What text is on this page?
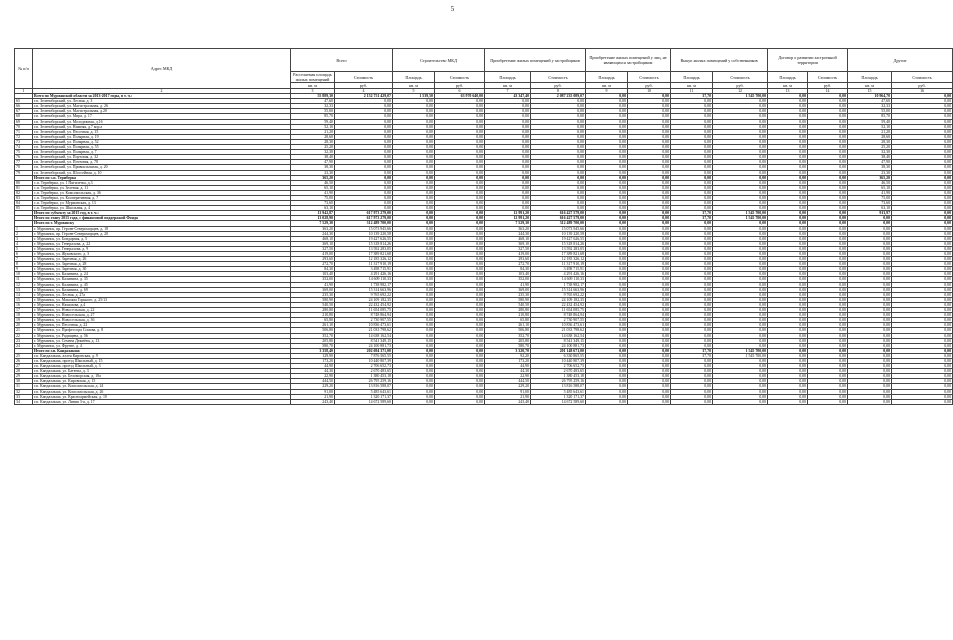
5
№ п/п	Адрес МКД	Всего		Строительство МКД		Приобретение жилых помещений у застройщиков		Приобретение жилых помещений у лиц, не являющихся застройщиком		Выкуп жилых помещений у собственников		Договор о развитии застроенной территории		Другие	
		Расселяемая площадь жилых помещений	Стоимость	Площадь	Стоимость	Площадь	Стоимость	Площадь	Стоимость	Площадь	Стоимость	Площадь	Стоимость	Площадь	Стоимость
		кв. м	руб.	кв. м	руб.	кв. м	руб.	кв. м	руб.	кв. м	руб.	кв. м	руб.	кв. м	руб.
1	2	3	4	5	6	7	8	9	10	11	12	13	14	15	16
	Всего по Мурманской области за 2013-2017 годы, в т. ч.:	55 889,30	2 152 751 429,07	1 539,50	63 970 640,00	43 347,40	2 087 235 089,07	0,00	0,00	37,70	1 545 700,00	0,00	0,00	10 964,70	0,00
65	г.п. Зеленоборский, ул. Лесная, д. 3	47,60	0,00	0,00	0,00	0,00	0,00	0,00	0,00	0,00	0,00	0,00	0,00	47,60	0,00
66	г.п. Зеленоборский, ул. Магистральная, д. 26	32,33	0,00	0,00	0,00	0,00	0,00	0,00	0,00	0,00	0,00	0,00	0,00	32,33	0,00
67	г.п. Зеленоборский, ул. Магистральная, д.20	55,00	0,00	0,00	0,00	0,00	0,00	0,00	0,00	0,00	0,00	0,00	0,00	55,00	0,00
68	г.п. Зеленоборский, ул. Мира, д. 17	85,70	0,00	0,00	0,00	0,00	0,00	0,00	0,00	0,00	0,00	0,00	0,00	85,70	0,00
69	г.п. Зеленоборский, ул. Молодежная, д.16	59,40	0,00	0,00	0,00	0,00	0,00	0,00	0,00	0,00	0,00	0,00	0,00	59,40	0,00
70	г.п. Зеленоборский, ул. Нижняя, д.7 кор.а	52,10	0,00	0,00	0,00	0,00	0,00	0,00	0,00	0,00	0,00	0,00	0,00	52,10	0,00
71	г.п. Зеленоборский, ул. Песочная, д. 15	21,20	0,00	0,00	0,00	0,00	0,00	0,00	0,00	0,00	0,00	0,00	0,00	21,20	0,00
72	г.п. Зеленоборский, ул. Полярная, д. 19	28,60	0,00	0,00	0,00	0,00	0,00	0,00	0,00	0,00	0,00	0,00	0,00	28,60	0,00
73	г.п. Зеленоборский, ул. Полярная, д. 52	28,30	0,00	0,00	0,00	0,00	0,00	0,00	0,00	0,00	0,00	0,00	0,00	28,30	0,00
74	г.п. Зеленоборский, ул. Полярная, д. 55	25,20	0,00	0,00	0,00	0,00	0,00	0,00	0,00	0,00	0,00	0,00	0,00	25,20	0,00
75	г.п. Зеленоборский, ул. Полярная, д. 7	32,30	0,00	0,00	0,00	0,00	0,00	0,00	0,00	0,00	0,00	0,00	0,00	32,30	0,00
76	г.п. Зеленоборский, ул. Портовая, д. 32	38,40	0,00	0,00	0,00	0,00	0,00	0,00	0,00	0,00	0,00	0,00	0,00	38,40	0,00
77	г.п. Зеленоборский, ул. Почтовая, д. 78	47,90	0,00	0,00	0,00	0,00	0,00	0,00	0,00	0,00	0,00	0,00	0,00	47,90	0,00
78	г.п. Зеленоборский, ул. Привокзальная, д. 20	38,30	0,00	0,00	0,00	0,00	0,00	0,00	0,00	0,00	0,00	0,00	0,00	38,30	0,00
79	г.п. Зеленоборский, ул. Шоссейная, д. 10	23,30	0,00	0,00	0,00	0,00	0,00	0,00	0,00	0,00	0,00	0,00	0,00	23,30	0,00
	Итого по с.п. Териберка	365,20	0,00	0,00	0,00	0,00	0,00	0,00	0,00	0,00	0,00	0,00	0,00	365,20	0,00
80	с.п. Териберка, ул. 1 Пятилетка, д.3	46,50	0,00	0,00	0,00	0,00	0,00	0,00	0,00	0,00	0,00	0,00	0,00	46,50	0,00
81	с.п. Териберка, ул. Зеленая, д. 11	65,10	0,00	0,00	0,00	0,00	0,00	0,00	0,00	0,00	0,00	0,00	0,00	65,10	0,00
82	с.п. Териберка, ул. Комсомольская, д. 36	41,90	0,00	0,00	0,00	0,00	0,00	0,00	0,00	0,00	0,00	0,00	0,00	41,90	0,00
83	с.п. Териберка, ул. Кооперативная, д. 7	75,00	0,00	0,00	0,00	0,00	0,00	0,00	0,00	0,00	0,00	0,00	0,00	75,00	0,00
84	с.п. Териберка, ул. Мурманская, д. 13	73,60	0,00	0,00	0,00	0,00	0,00	0,00	0,00	0,00	0,00	0,00	0,00	73,60	0,00
85	с.п. Териберка, ул. Школьная, д. 4	63,10	0,00	0,00	0,00	0,00	0,00	0,00	0,00	0,00	0,00	0,00	0,00	63,10	0,00
	Итого по субъекту за 2015 год, в т. ч.:	13 942,87	617 973 279,00	0,00	0,00	12 991,20	616 427 579,00	0,00	0,00	37,70	1 545 700,00	0,00	0,00	913,97	0,00
	Итого по этапу 2015 года, с финансовой поддержкой Фонда	13 028,90	617 973 279,00	0,00	0,00	12 991,20	616 427 579,00	0,00	0,00	37,70	1 545 700,00	0,00	0,00	0,00	0,00
	Итого по г. Мурманску	7 529,30	312 489 700,00	0,00	0,00	7 529,30	312 489 700,00	0,00	0,00	0,00	0,00	0,00	0,00	0,00	0,00
1	г. Мурманск, пр. Героев-Североморцев, д. 18	363,20	15 073 945,66	0,00	0,00	363,20	15 073 945,66	0,00	0,00	0,00	0,00	0,00	0,00	0,00	0,00
2	г. Мурманск, пр. Героев-Североморцев, д. 20	244,30	10 139 220,58	0,00	0,00	244,30	10 139 220,58	0,00	0,00	0,00	0,00	0,00	0,00	0,00	0,00
3	г. Мурманск, ул. Бондарная, д. 5	468,10	19 427 626,55	0,00	0,00	468,10	19 427 626,55	0,00	0,00	0,00	0,00	0,00	0,00	0,00	0,00
4	г. Мурманск, ул. Генераловa, д. 22	369,10	15 318 814,26	0,00	0,00	369,10	15 318 814,26	0,00	0,00	0,00	0,00	0,00	0,00	0,00	0,00
5	г. Мурманск, ул. Генералова, д. 9	327,50	13 592 283,05	0,00	0,00	327,50	13 592 283,05	0,00	0,00	0,00	0,00	0,00	0,00	0,00	0,00
6	г. Мурманск, ул. Жуковского, д. 3	419,00	17 389 821,68	0,00	0,00	419,00	17 389 821,68	0,00	0,00	0,00	0,00	0,00	0,00	0,00	0,00
7	г. Мурманск, ул. Заречная, д. 26	293,60	12 185 326,12	0,00	0,00	293,60	12 185 326,12	0,00	0,00	0,00	0,00	0,00	0,00	0,00	0,00
8	г. Мурманск, ул. Заречная, д. 28	272,70	11 317 910,19	0,00	0,00	272,70	11 317 910,19	0,00	0,00	0,00	0,00	0,00	0,00	0,00	0,00
9	г. Мурманск, ул. Заречная, д. 30	84,30	3 498 715,91	0,00	0,00	84,30	3 498 715,91	0,00	0,00	0,00	0,00	0,00	0,00	0,00	0,00
10	г. Мурманск, ул. Калинина, д. 24	103,40	4 291 426,16	0,00	0,00	103,40	4 291 426,16	0,00	0,00	0,00	0,00	0,00	0,00	0,00	0,00
11	г. Мурманск, ул. Калинина, д. 35	352,00	14 609 110,33	0,00	0,00	352,00	14 609 110,33	0,00	0,00	0,00	0,00	0,00	0,00	0,00	0,00
12	г. Мурманск, ул. Калинина, д. 45	41,90	1 738 982,17	0,00	0,00	41,90	1 738 982,17	0,00	0,00	0,00	0,00	0,00	0,00	0,00	0,00
13	г. Мурманск, ул. Калинина, д. 69	369,00	15 314 663,96	0,00	0,00	369,00	15 314 663,96	0,00	0,00	0,00	0,00	0,00	0,00	0,00	0,00
14	г. Мурманск, ул. Лесная, д. 27а	235,30	9 765 692,22	0,00	0,00	235,30	9 765 692,22	0,00	0,00	0,00	0,00	0,00	0,00	0,00	0,00
15	г. Мурманск, ул. Максима Горького, д. 25/13	580,90	24 109 182,35	0,00	0,00	580,90	24 109 182,35	0,00	0,00	0,00	0,00	0,00	0,00	0,00	0,00
16	г. Мурманск, ул. Нахимова, д.4	540,50	22 432 454,92	0,00	0,00	540,50	22 432 454,92	0,00	0,00	0,00	0,00	0,00	0,00	0,00	0,00
17	г. Мурманск, ул. Новосельская, д. 22	280,80	11 654 085,75	0,00	0,00	280,80	11 654 085,75	0,00	0,00	0,00	0,00	0,00	0,00	0,00	0,00
18	г. Мурманск, ул. Новосельская, д. 27	210,80	8 748 864,94	0,00	0,00	210,80	8 748 864,94	0,00	0,00	0,00	0,00	0,00	0,00	0,00	0,00
19	г. Мурманск, ул. Новосельская, д. 36	65,80	2 730 907,55	0,00	0,00	65,80	2 730 907,55	0,00	0,00	0,00	0,00	0,00	0,00	0,00	0,00
20	г. Мурманск, ул. Песочная, д. 22	261,10	10 836 473,61	0,00	0,00	261,10	10 836 473,61	0,00	0,00	0,00	0,00	0,00	0,00	0,00	0,00
21	г. Мурманск, ул. Профессора Сомова, д. 8	506,80	21 033 798,62	0,00	0,00	506,80	21 033 798,62	0,00	0,00	0,00	0,00	0,00	0,00	0,00	0,00
22	г. Мурманск, ул. Радищева, д. 56	352,70	14 638 162,54	0,00	0,00	352,70	14 638 162,54	0,00	0,00	0,00	0,00	0,00	0,00	0,00	0,00
23	г. Мурманск, ул. Семена Дежнёва, д. 13	205,80	8 541 349,15	0,00	0,00	205,80	8 541 349,15	0,00	0,00	0,00	0,00	0,00	0,00	0,00	0,00
24	г. Мурманск, ул. Фрунзе, д. 4	580,70	24 100 881,73	0,00	0,00	580,70	24 100 881,73	0,00	0,00	0,00	0,00	0,00	0,00	0,00	0,00
	Итого по г.п. Кандалакша	3 358,40	202 694 371,00	0,00	0,00	3 320,70	201 148 671,00	0,00	0,00	37,70	1 545 700,00	0,00	0,00	0,00	0,00
25	г.п. Кандалакша, аллея Кировская, д. 9	129,90	7 876 565,55	0,00	0,00	92,20	6 330 865,55	0,00	0,00	37,70	1 545 700,00	0,00	0,00	0,00	0,00
26	г.п. Кандалакша, проезд Школьный, д. 15	173,20	10 440 807,39	0,00	0,00	173,20	10 440 807,39	0,00	0,00	0,00	0,00	0,00	0,00	0,00	0,00
27	г.п. Кандалакша, проезд Школьный, д. 3	44,90	2 706 652,73	0,00	0,00	44,90	2 706 652,73	0,00	0,00	0,00	0,00	0,00	0,00	0,00	0,00
28	г.п. Кандалакша, ул. Батюты, д. 3	44,30	2 670 483,65	0,00	0,00	44,30	2 670 483,65	0,00	0,00	0,00	0,00	0,00	0,00	0,00	0,00
29	г.п. Кандалакша, ул. Беломорская, д. 18а	22,90	1 380 453,18	0,00	0,00	22,90	1 380 453,18	0,00	0,00	0,00	0,00	0,00	0,00	0,00	0,00
30	г.п. Кандалакша, ул. Кировская, д. 15	444,50	26 795 259,16	0,00	0,00	444,50	26 795 259,16	0,00	0,00	0,00	0,00	0,00	0,00	0,00	0,00
31	г.п. Кандалакша, ул. Комсомольская, д. 24	229,20	13 816 588,07	0,00	0,00	229,20	13 816 588,07	0,00	0,00	0,00	0,00	0,00	0,00	0,00	0,00
32	г.п. Кандалакша, ул. Комсомольская, д. 26	91,00	5 485 643,61	0,00	0,00	91,00	5 485 643,61	0,00	0,00	0,00	0,00	0,00	0,00	0,00	0,00
33	г.п. Кандалакша, ул. Красноармейская, д. 10	21,90	1 320 171,37	0,00	0,00	21,90	1 320 171,37	0,00	0,00	0,00	0,00	0,00	0,00	0,00	0,00
34	г.п. Кандалакша, ул. Линия 3-я, д. 17	243,40	14 672 589,60	0,00	0,00	243,40	14 672 589,60	0,00	0,00	0,00	0,00	0,00	0,00	0,00	0,00
